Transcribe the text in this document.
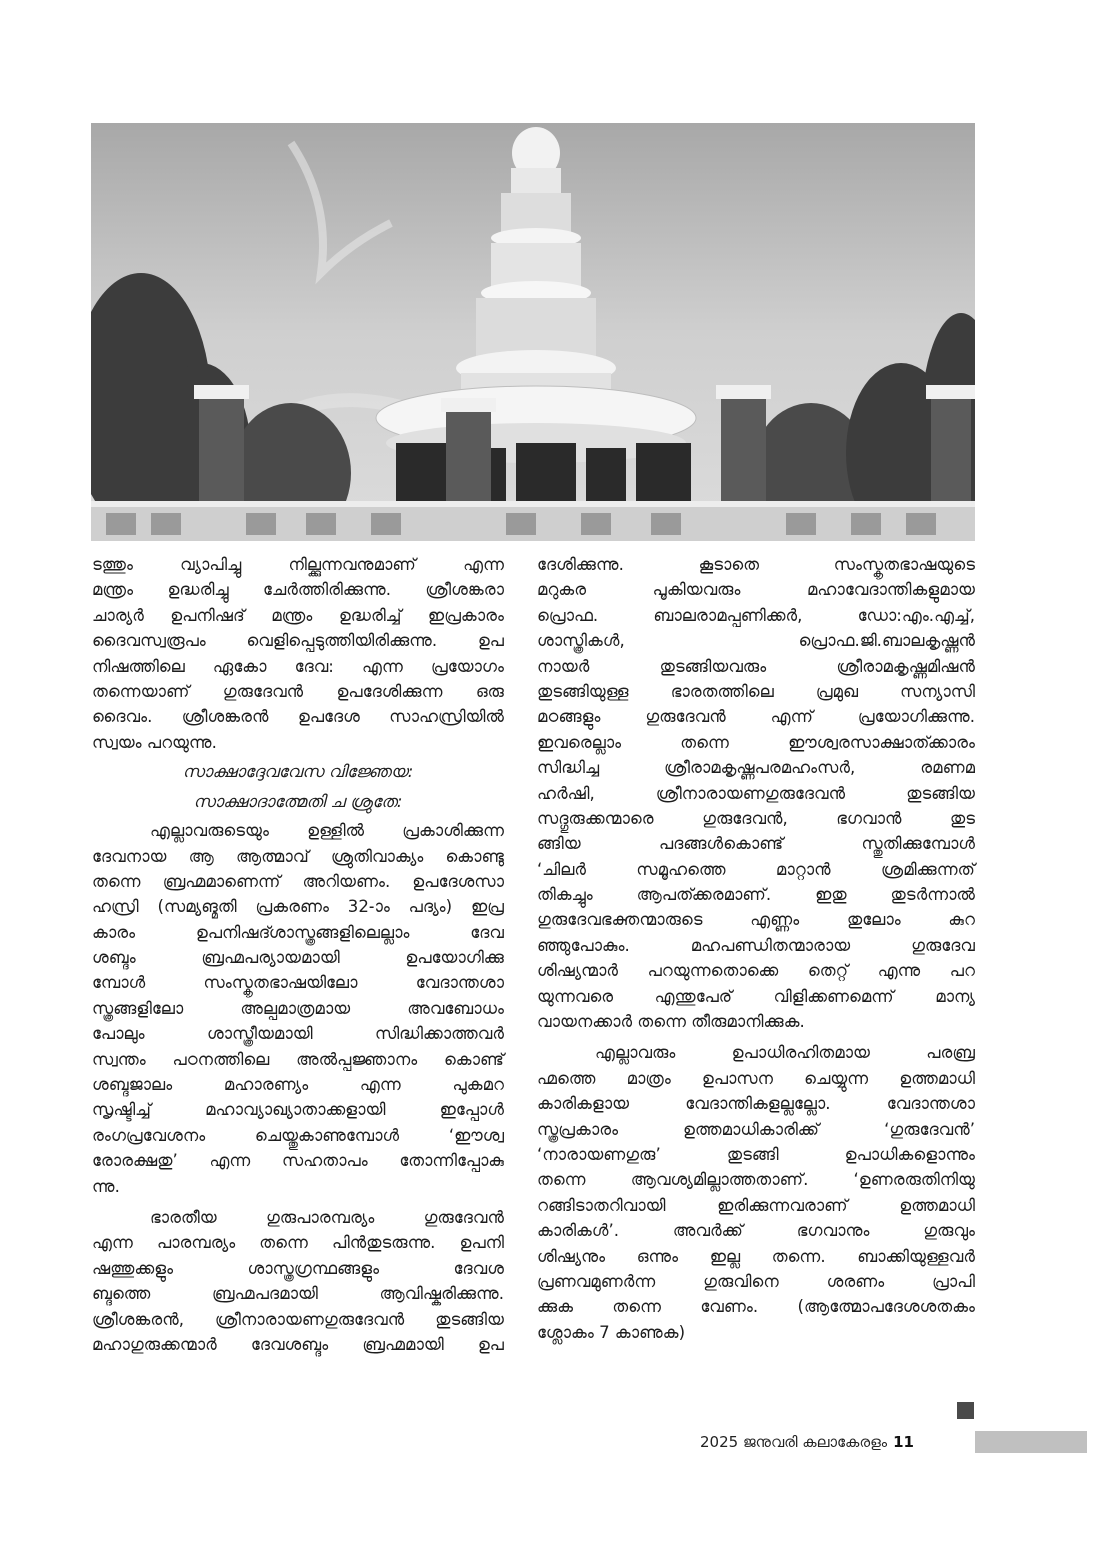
ടത്തും വ്യാപിച്ചു നില്ക്കുന്നവനുമാണ് എന്ന
മന്ത്രം ഉദ്ധരിച്ചു ചേർത്തിരിക്കുന്നു. ശ്രീശങ്കരാ
ചാര്യർ ഉപനിഷദ് മന്ത്രം ഉദ്ധരിച്ച് ഇപ്രകാരം
ദൈവസ്വരൂപം വെളിപ്പെടുത്തിയിരിക്കുന്നു. ഉപ
നിഷത്തിലെ ഏകോ ദേവ: എന്ന പ്രയോഗം
തന്നെയാണ് ഗുരുദേവൻ ഉപദേശിക്കുന്ന ഒരു
ദൈവം. ശ്രീശങ്കരൻ ഉപദേശ സാഹസ്രിയിൽ
സ്വയം പറയുന്നു.
സാക്ഷാദ്ദേവവേസ വിജ്ഞേയ:
സാക്ഷാദാത്മേതി ച ശ്രുതേ:
എല്ലാവരുടെയും ഉള്ളിൽ പ്രകാശിക്കുന്ന
ദേവനായ ആ ആത്മാവ് ശ്രുതിവാക്യം കൊണ്ടു
തന്നെ ബ്രഹ്മമാണെന്ന് അറിയണം. ഉപദേശസാ
ഹസ്രി (സമ്യങ്മതി പ്രകരണം 32-ാം പദ്യം) ഇപ്ര
കാരം ഉപനിഷദ്ശാസ്ത്രങ്ങളിലെല്ലാം ദേവ
ശബ്ദം ബ്രഹ്മപര്യായമായി ഉപയോഗിക്കു
മ്പോൾ സംസ്കൃതഭാഷയിലോ വേദാന്തശാ
സ്ത്രങ്ങളിലോ അല്പമാത്രമായ അവബോധം
പോലും ശാസ്ത്രീയമായി സിദ്ധിക്കാത്തവർ
സ്വന്തം പഠനത്തിലെ അൽപ്പജ്ഞാനം കൊണ്ട്
ശബ്ദജാലം മഹാരണ്യം എന്ന പുകമറ
സൃഷ്ടിച്ച് മഹാവ്യാഖ്യാതാക്കളായി ഇപ്പോൾ
രംഗപ്രവേശനം ചെയ്തുകാണുമ്പോൾ ‘ഈശ്വ
രോരക്ഷതു’ എന്ന സഹതാപം തോന്നിപ്പോകു
ന്നു.
ഭാരതീയ ഗുരുപാരമ്പര്യം ഗുരുദേവൻ
എന്ന പാരമ്പര്യം തന്നെ പിൻതുടരുന്നു. ഉപനി
ഷത്തുക്കളും ശാസ്ത്രഗ്രന്ഥങ്ങളും ദേവശ
ബ്ദത്തെ ബ്രഹ്മപദമായി ആവിഷ്കരിക്കുന്നു.
ശ്രീശങ്കരൻ, ശ്രീനാരായണഗുരുദേവൻ തുടങ്ങിയ
മഹാഗുരുക്കന്മാർ ദേവശബ്ദം ബ്രഹ്മമായി ഉപ
ദേശിക്കുന്നു. കൂടാതെ സംസ്കൃതഭാഷയുടെ
മറുകര പൂകിയവരും മഹാവേദാന്തികളുമായ
പ്രൊഫ. ബാലരാമപ്പണിക്കർ, ഡോ:എം.എച്ച്,
ശാസ്ത്രികൾ, പ്രൊഫ.ജി.ബാലകൃഷ്ണൻ
നായർ തുടങ്ങിയവരും ശ്രീരാമകൃഷ്ണമിഷൻ
തുടങ്ങിയുള്ള ഭാരതത്തിലെ പ്രമുഖ സന്യാസി
മഠങ്ങളും ഗുരുദേവൻ എന്ന് പ്രയോഗിക്കുന്നു.
ഇവരെല്ലാം തന്നെ ഈശ്വരസാക്ഷാത്ക്കാരം
സിദ്ധിച്ച ശ്രീരാമകൃഷ്ണപരമഹംസർ, രമണമ
ഹർഷി, ശ്രീനാരായണഗുരുദേവൻ തുടങ്ങിയ
സദ്ഗുരുക്കന്മാരെ ഗുരുദേവൻ, ഭഗവാൻ തുട
ങ്ങിയ പദങ്ങൾകൊണ്ട് സ്തുതിക്കുമ്പോൾ
‘ചിലർ സമൂഹത്തെ മാറ്റാൻ ശ്രമിക്കുന്നത്
തികച്ചും ആപത്ക്കരമാണ്. ഇതു തുടർന്നാൽ
ഗുരുദേവഭക്തന്മാരുടെ എണ്ണം തുലോം കുറ
ഞ്ഞുപോകും. മഹപണ്ഡിതന്മാരായ ഗുരുദേവ
ശിഷ്യന്മാർ പറയുന്നതൊക്കെ തെറ്റ് എന്നു പറ
യുന്നവരെ എന്തുപേര് വിളിക്കണമെന്ന് മാന്യ
വായനക്കാർ തന്നെ തീരുമാനിക്കുക.
എല്ലാവരും ഉപാധിരഹിതമായ പരബ്ര
ഹ്മത്തെ മാത്രം ഉപാസന ചെയ്യുന്ന ഉത്തമാധി
കാരികളായ വേദാന്തികളല്ലല്ലോ. വേദാന്തശാ
സ്ത്രപ്രകാരം ഉത്തമാധികാരിക്ക് ‘ഗുരുദേവൻ’
‘നാരായണഗുരു’ തുടങ്ങി ഉപാധികളൊന്നും
തന്നെ ആവശ്യമില്ലാത്തതാണ്. ‘ഉണരരുതിനിയു
റങ്ങിടാതറിവായി ഇരിക്കുന്നവരാണ് ഉത്തമാധി
കാരികൾ’. അവർക്ക് ഭഗവാനും ഗുരുവും
ശിഷ്യനും ഒന്നും ഇല്ല തന്നെ. ബാക്കിയുള്ളവർ
പ്രണവമുണർന്ന ഗുരുവിനെ ശരണം പ്രാപി
ക്കുക തന്നെ വേണം. (ആത്മോപദേശശതകം
ശ്ലോകം 7 കാണുക)
2025 ജനുവരി കലാകേരളം 11
